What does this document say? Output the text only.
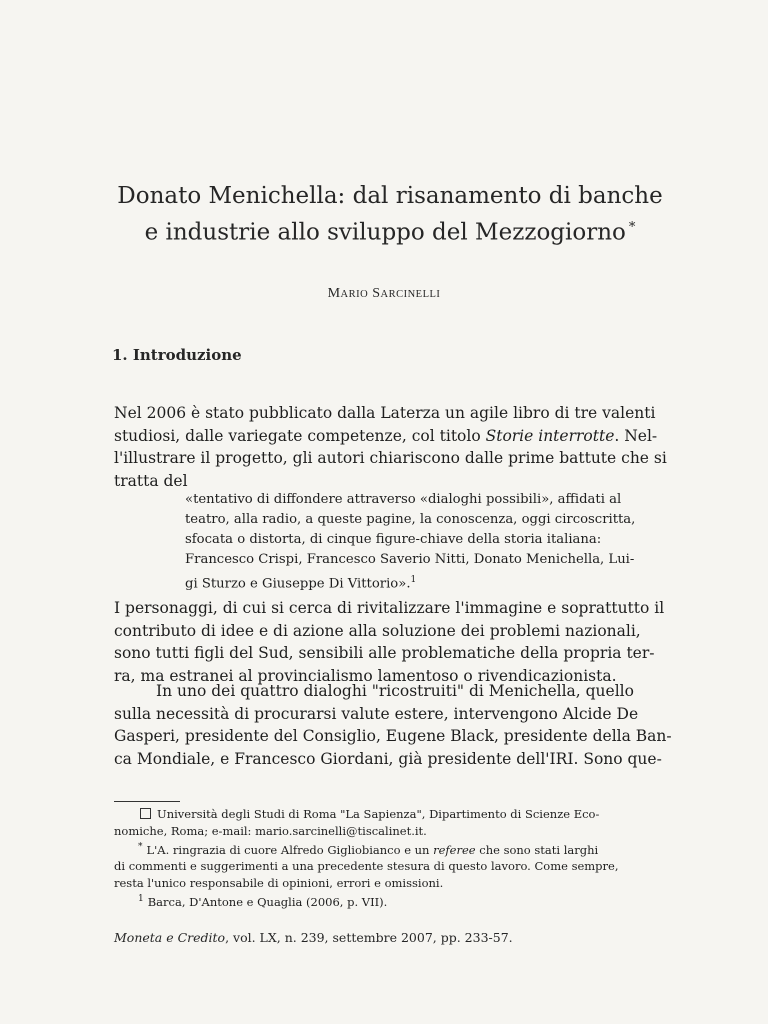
Donato Menichella: dal risanamento di banche
e industrie allo sviluppo del Mezzogiorno *
MARIO SARCINELLI
1. Introduzione

Nel 2006 è stato pubblicato dalla Laterza un agile libro di tre valenti
studiosi, dalle variegate competenze, col titolo Storie interrotte. Nel-
l'illustrare il progetto, gli autori chiariscono dalle prime battute che si
tratta del

«tentativo di diffondere attraverso «dialoghi possibili», affidati al
teatro, alla radio, a queste pagine, la conoscenza, oggi circoscritta,
sfocata o distorta, di cinque figure-chiave della storia italiana:
Francesco Crispi, Francesco Saverio Nitti, Donato Menichella, Lui-
gi Sturzo e Giuseppe Di Vittorio».$^1$

I personaggi, di cui si cerca di rivitalizzare l'immagine e soprattutto il
contributo di idee e di azione alla soluzione dei problemi nazionali,
sono tutti figli del Sud, sensibili alle problematiche della propria ter-
ra, ma estranei al provincialismo lamentoso o rivendicazionista.

In uno dei quattro dialoghi "ricostruiti" di Menichella, quello
sulla necessità di procurarsi valute estere, intervengono Alcide De
Gasperi, presidente del Consiglio, Eugene Black, presidente della Ban-
ca Mondiale, e Francesco Giordani, già presidente dell'IRI. Sono que-

Università degli Studi di Roma "La Sapienza", Dipartimento di Scienze Eco-
nomiche, Roma; e-mail: mario.sarcinelli@tiscalinet.it.
* L'A. ringrazia di cuore Alfredo Gigliobianco e un referee che sono stati larghi
di commenti e suggerimenti a una precedente stesura di questo lavoro. Come sempre,
resta l'unico responsabile di opinioni, errori e omissioni.
$^1$ Barca, D'Antone e Quaglia (2006, p. VII).
Moneta e Credito, vol. LX, n. 239, settembre 2007, pp. 233-57.
